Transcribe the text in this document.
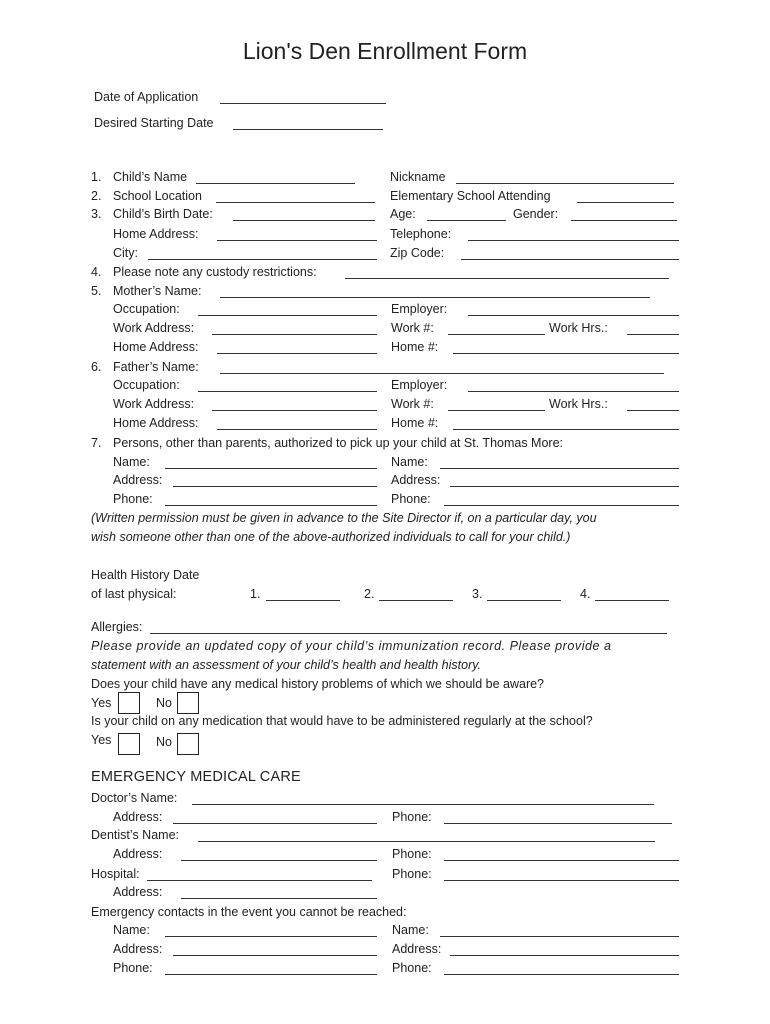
Lion's Den Enrollment Form
Date of Application
Desired Starting Date
1. Child’s Name	Nickname
2. School Location	Elementary School Attending
3. Child’s Birth Date:	Age:	Gender:
Home Address:	Telephone:
City:	Zip Code:
4. Please note any custody restrictions:
5. Mother’s Name:
Occupation:	Employer:
Work Address:	Work #:	Work Hrs.:
Home Address:	Home #:
6. Father’s Name:
Occupation:	Employer:
Work Address:	Work #:	Work Hrs.:
Home Address:	Home #:
7. Persons, other than parents, authorized to pick up your child at St. Thomas More:
Name:	Name:
Address:	Address:
Phone:	Phone:
(Written permission must be given in advance to the Site Director if, on a particular day, you
wish someone other than one of the above-authorized individuals to call for your child.)
Health History Date
of last physical:	1.	2.	3.	4.
Allergies:
Please provide an updated copy of your child’s immunization record. Please provide a
statement with an assessment of your child’s health and health history.
Does your child have any medical history problems of which we should be aware?
Yes	No
Is your child on any medication that would have to be administered regularly at the school?
Yes	No
EMERGENCY MEDICAL CARE
Doctor’s Name:
Address:	Phone:
Dentist’s Name:
Address:	Phone:
Hospital:	Phone:
Address:
Emergency contacts in the event you cannot be reached:
Name:	Name:
Address:	Address:
Phone:	Phone:
